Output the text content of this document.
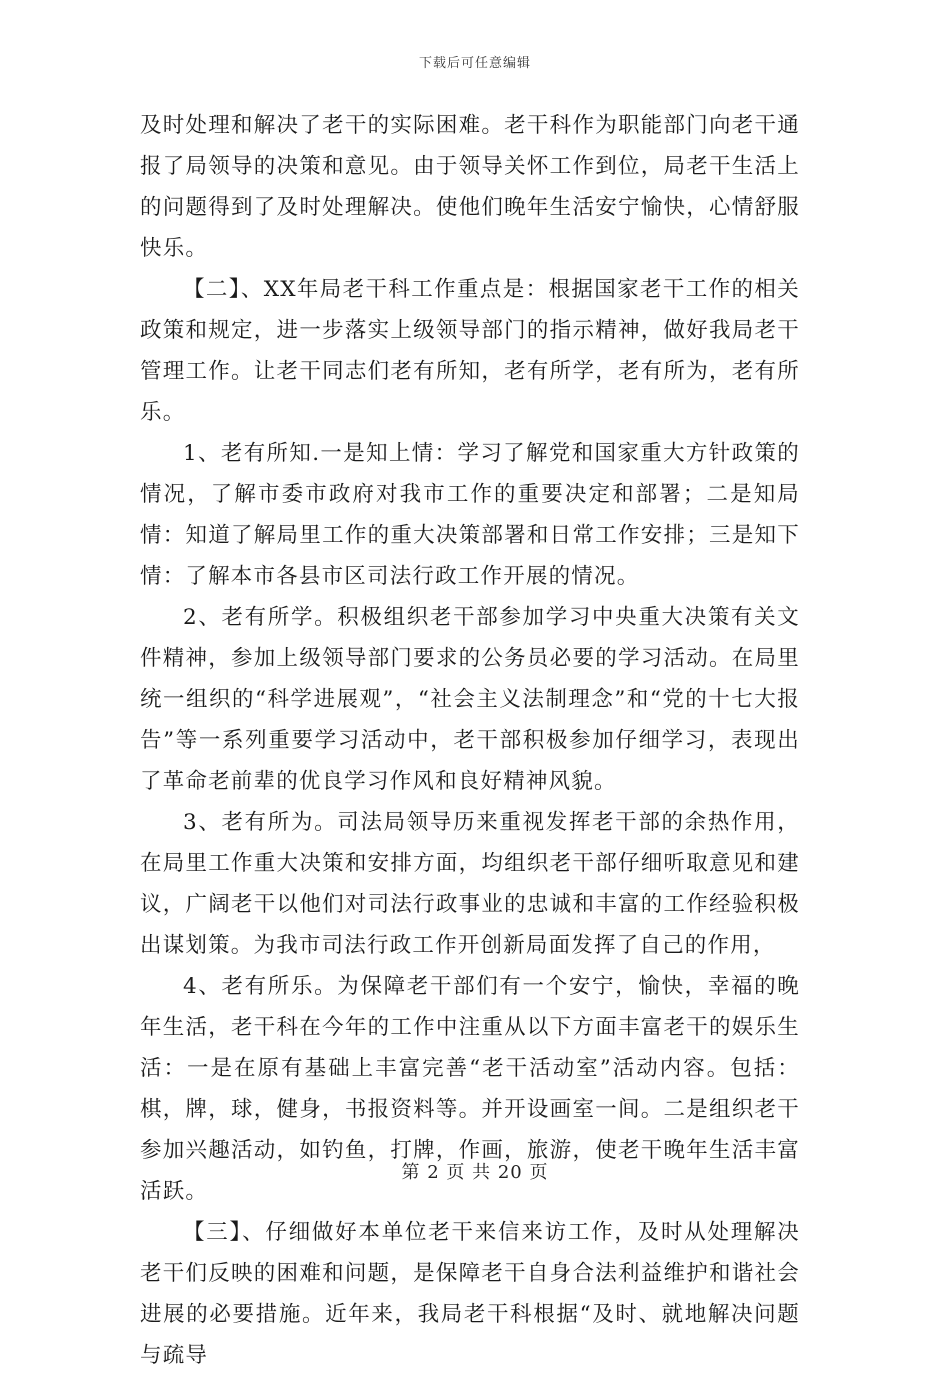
下载后可任意编辑

及时处理和解决了老干的实际困难。老干科作为职能部门向老干通报了局领导的决策和意见。由于领导关怀工作到位，局老干生活上的问题得到了及时处理解决。使他们晚年生活安宁愉快，心情舒服快乐。

【二】、XX年局老干科工作重点是：根据国家老干工作的相关政策和规定，进一步落实上级领导部门的指示精神，做好我局老干管理工作。让老干同志们老有所知，老有所学，老有所为，老有所乐。

1、老有所知.一是知上情：学习了解党和国家重大方针政策的情况，了解市委市政府对我市工作的重要决定和部署；二是知局情：知道了解局里工作的重大决策部署和日常工作安排；三是知下情：了解本市各县市区司法行政工作开展的情况。

2、老有所学。积极组织老干部参加学习中央重大决策有关文件精神，参加上级领导部门要求的公务员必要的学习活动。在局里统一组织的“科学进展观”，“社会主义法制理念”和“党的十七大报告”等一系列重要学习活动中，老干部积极参加仔细学习，表现出了革命老前辈的优良学习作风和良好精神风貌。

3、老有所为。司法局领导历来重视发挥老干部的余热作用，在局里工作重大决策和安排方面，均组织老干部仔细听取意见和建议，广阔老干以他们对司法行政事业的忠诚和丰富的工作经验积极出谋划策。为我市司法行政工作开创新局面发挥了自己的作用，

4、老有所乐。为保障老干部们有一个安宁，愉快，幸福的晚年生活，老干科在今年的工作中注重从以下方面丰富老干的娱乐生活：一是在原有基础上丰富完善“老干活动室”活动内容。包括：棋，牌，球，健身，书报资料等。并开设画室一间。二是组织老干参加兴趣活动，如钓鱼，打牌，作画，旅游，使老干晚年生活丰富活跃。

【三】、仔细做好本单位老干来信来访工作，及时从处理解决老干们反映的困难和问题，是保障老干自身合法利益维护和谐社会进展的必要措施。近年来，我局老干科根据“及时、就地解决问题与疏导

第 2 页 共 20 页
